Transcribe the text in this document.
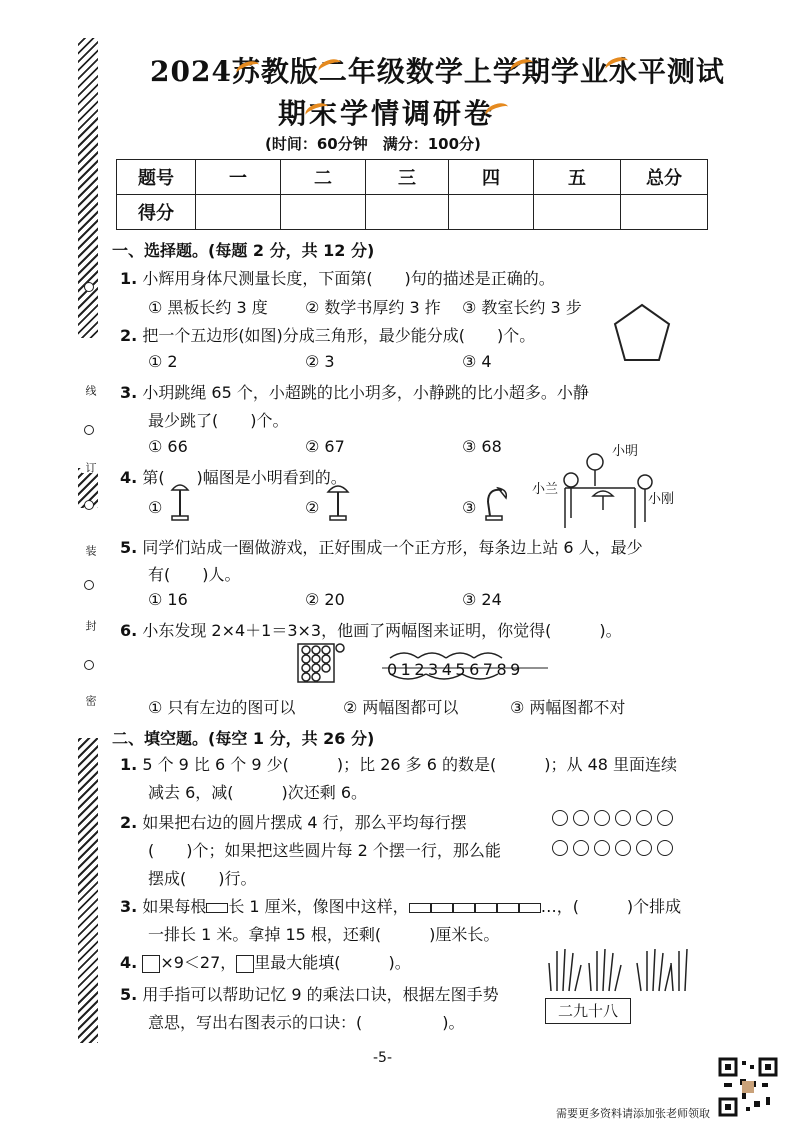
线
订
装
封
密
2024苏教版二年级数学上学期学业水平测试
期末学情调研卷
(时间：60分钟　满分：100分)
题号	一	二	三	四	五	总分
得分						
一、选择题。(每题 2 分，共 12 分)
1. 小辉用身体尺测量长度，下面第(　　)句的描述是正确的。
① 黑板长约 3 度 ② 数学书厚约 3 拃 ③ 教室长约 3 步
2. 把一个五边形(如图)分成三角形，最少能分成(　　)个。
① 2	② 3	③ 4
3. 小玥跳绳 65 个，小超跳的比小玥多，小静跳的比小超多。小静
最少跳了(　　)个。
① 66	② 67	③ 68
4. 第(　　)幅图是小明看到的。
①	②	③
小明
小兰
小刚
5. 同学们站成一圈做游戏，正好围成一个正方形，每条边上站 6 人，最少
有(　　)人。
① 16	② 20	③ 24
6. 小东发现 2×4＋1＝3×3，他画了两幅图来证明，你觉得(　　　)。
0123456789
① 只有左边的图可以	② 两幅图都可以	③ 两幅图都不对
二、填空题。(每空 1 分，共 26 分)
1. 5 个 9 比 6 个 9 少(　　　)；比 26 多 6 的数是(　　　)；从 48 里面连续
减去 6，减(　　　)次还剩 6。
2. 如果把右边的圆片摆成 4 行，那么平均每行摆
(　　)个；如果把这些圆片每 2 个摆一行，那么能
摆成(　　)行。

3. 如果每根 长 1 厘米，像图中这样，	…，(　　　)个排成
一排长 1 米。拿掉 15 根，还剩(　　　)厘米长。
4. ×9＜27， 里最大能填(　　　)。
5. 用手指可以帮助记忆 9 的乘法口诀，根据左图手势
意思，写出右图表示的口诀：(　　　　　)。
二九十八
-5-
需要更多资料请添加张老师领取
